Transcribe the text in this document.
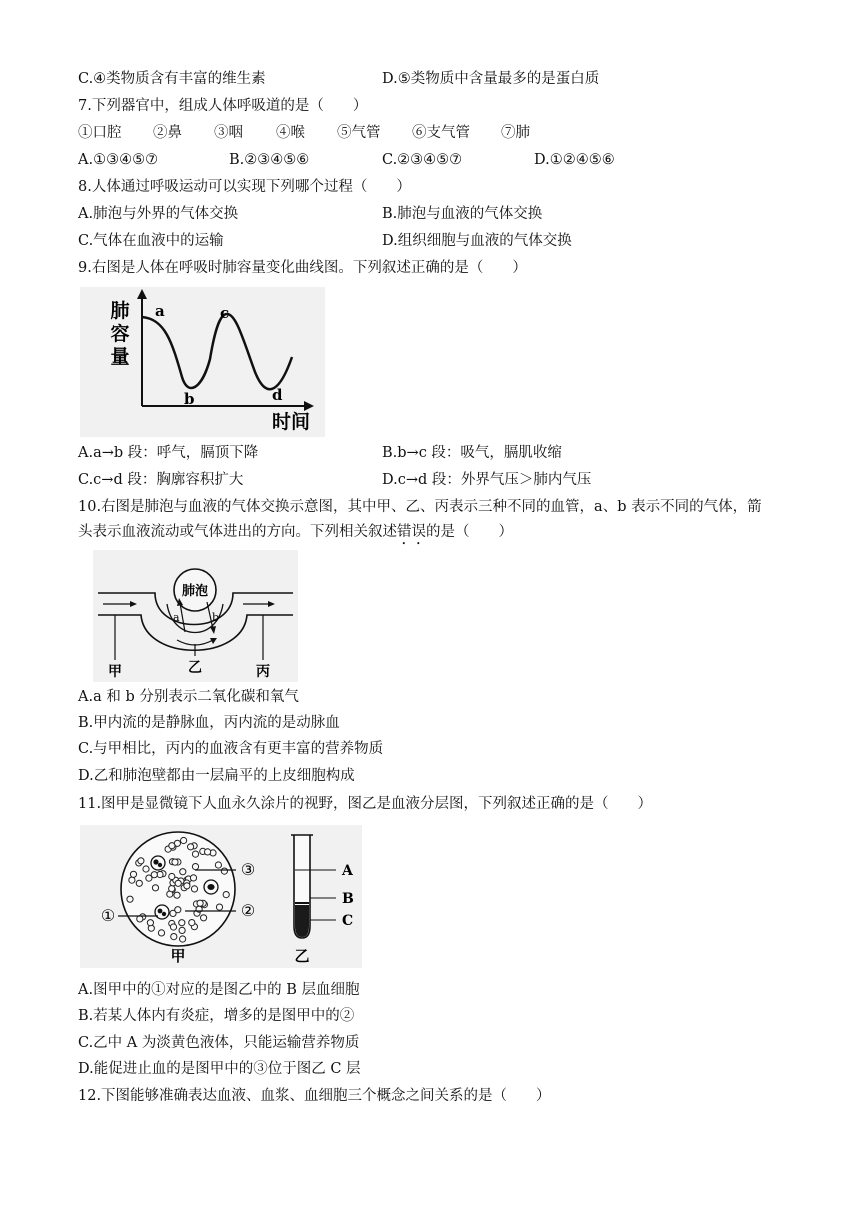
C.④类物质含有丰富的维生素	D.⑤类物质中含量最多的是蛋白质
7.下列器官中，组成人体呼吸道的是（　　）
①口腔 ②鼻 ③咽 ④喉 ⑤气管 ⑥支气管 ⑦肺
A.①③④⑤⑦	B.②③④⑤⑥	C.②③④⑤⑦	D.①②④⑤⑥
8.人体通过呼吸运动可以实现下列哪个过程（　　）
A.肺泡与外界的气体交换	B.肺泡与血液的气体交换
C.气体在血液中的运输	D.组织细胞与血液的气体交换
9.右图是人体在呼吸时肺容量变化曲线图。下列叙述正确的是（　　）
肺
容
量
a
b
c
d
时间
A.a→b 段：呼气，膈顶下降	B.b→c 段：吸气，膈肌收缩
C.c→d 段：胸廓容积扩大	D.c→d 段：外界气压＞肺内气压
10.右图是肺泡与血液的气体交换示意图，其中甲、乙、丙表示三种不同的血管，a、b 表示不同的气体，箭
头表示血液流动或气体进出的方向。下列相关叙述错误的是（　　）
肺泡
a	b
甲	乙	丙
A.a 和 b 分别表示二氧化碳和氧气
B.甲内流的是静脉血，丙内流的是动脉血
C.与甲相比，丙内的血液含有更丰富的营养物质
D.乙和肺泡壁都由一层扁平的上皮细胞构成
11.图甲是显微镜下人血永久涂片的视野，图乙是血液分层图，下列叙述正确的是（　　）
①	②
③
甲
A
B
C
乙
A.图甲中的①对应的是图乙中的 B 层血细胞
B.若某人体内有炎症，增多的是图甲中的②
C.乙中 A 为淡黄色液体，只能运输营养物质
D.能促进止血的是图甲中的③位于图乙 C 层
12.下图能够准确表达血液、血浆、血细胞三个概念之间关系的是（　　）
